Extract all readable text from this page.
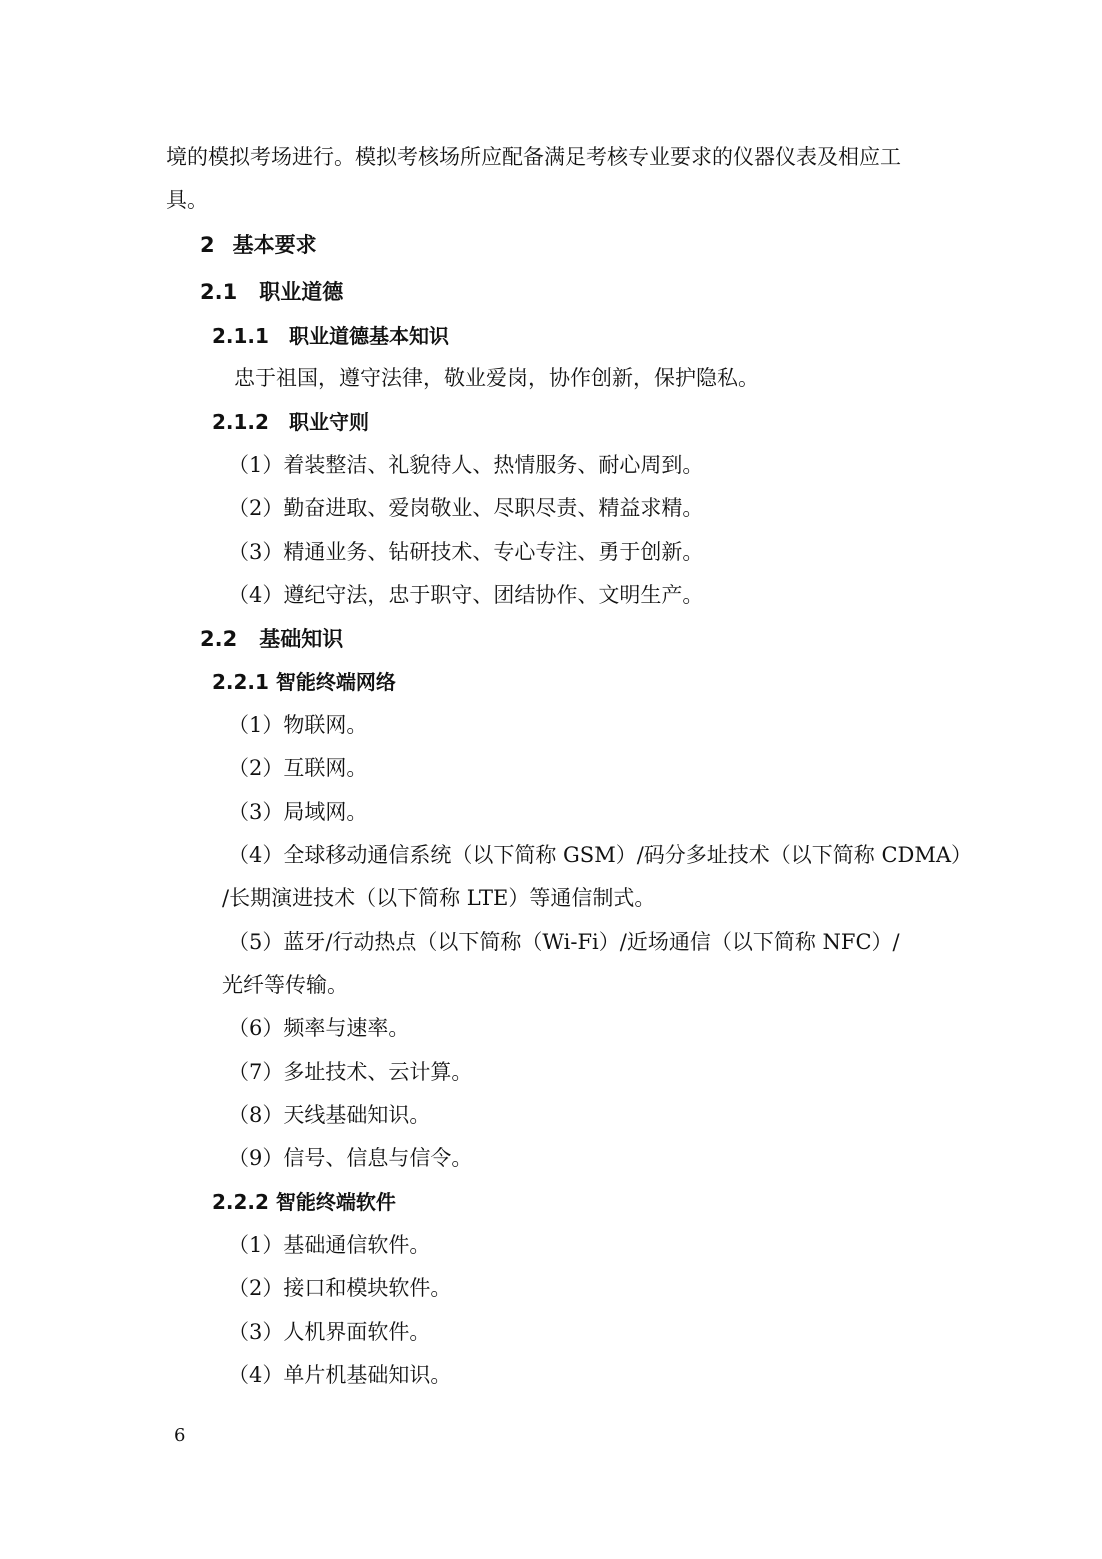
境的模拟考场进行。模拟考核场所应配备满足考核专业要求的仪器仪表及相应工
具。
2 基本要求
2.1 职业道德
2.1.1 职业道德基本知识
忠于祖国，遵守法律，敬业爱岗，协作创新，保护隐私。
2.1.2 职业守则
（1）着装整洁、礼貌待人、热情服务、耐心周到。
（2）勤奋进取、爱岗敬业、尽职尽责、精益求精。
（3）精通业务、钻研技术、专心专注、勇于创新。
（4）遵纪守法，忠于职守、团结协作、文明生产。
2.2 基础知识
2.2.1 智能终端网络
（1）物联网。
（2）互联网。
（3）局域网。
（4）全球移动通信系统（以下简称 GSM）/码分多址技术（以下简称 CDMA）
/长期演进技术（以下简称 LTE）等通信制式。
（5）蓝牙/行动热点（以下简称（Wi-Fi）/近场通信（以下简称 NFC）/
光纤等传输。
（6）频率与速率。
（7）多址技术、云计算。
（8）天线基础知识。
（9）信号、信息与信令。
2.2.2 智能终端软件
（1）基础通信软件。
（2）接口和模块软件。
（3）人机界面软件。
（4）单片机基础知识。
6
